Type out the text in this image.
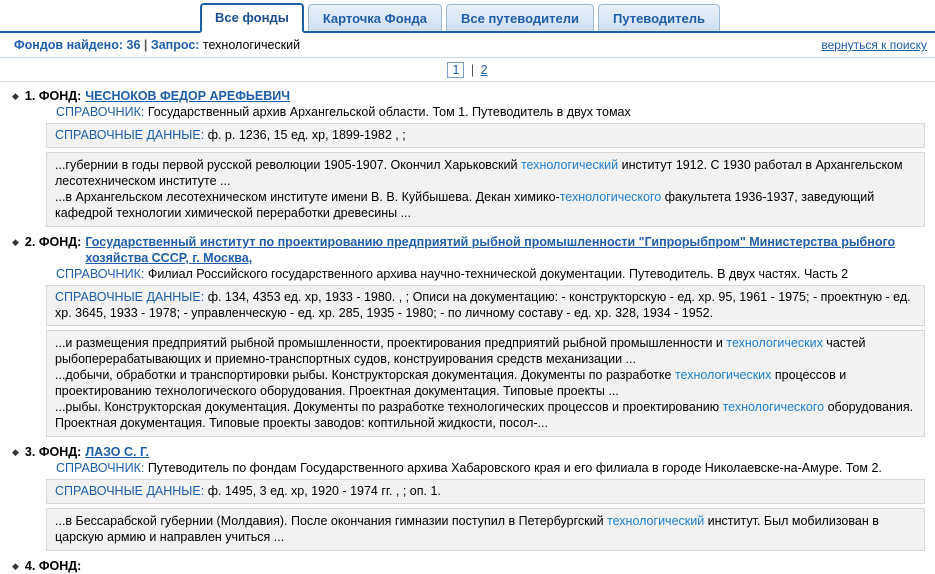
Все фонды	Карточка Фонда	Все путеводители	Путеводитель
Фондов найдено: 36 | Запрос: технологический	вернуться к поиску
1 | 2
◆ 1. ФОНД: ЧЕСНОКОВ ФЕДОР АРЕФЬЕВИЧ
СПРАВОЧНИК: Государственный архив Архангельской области. Том 1. Путеводитель в двух томах
СПРАВОЧНЫЕ ДАННЫЕ: ф. р. 1236, 15 ед. хр, 1899-1982 , ;

...губернии в годы первой русской революции 1905-1907. Окончил Харьковский технологический институт 1912. С 1930 работал в Архангельском лесотехническом институте ...

...в Архангельском лесотехническом институте имени В. В. Куйбышева. Декан химико-технологического факультета 1936-1937, заведующий кафедрой технологии химической переработки древесины ...

◆ 2. ФОНД: Государственный институт по проектированию предприятий рыбной промышленности "Гипрорыбпром" Министерства рыбного хозяйства СССР, г. Москва,
СПРАВОЧНИК: Филиал Российского государственного архива научно-технической документации. Путеводитель. В двух частях. Часть 2
СПРАВОЧНЫЕ ДАННЫЕ: ф. 134, 4353 ед. хр, 1933 - 1980. , ; Описи на документацию: - конструкторскую - ед. хр. 95, 1961 - 1975; - проектную - ед. хр. 3645, 1933 - 1978; - управленческую - ед. хр. 285, 1935 - 1980; - по личному составу - ед. хр. 328, 1934 - 1952.

...и размещения предприятий рыбной промышленности, проектирования предприятий рыбной промышленности и технологических частей рыбоперерабатывающих и приемно-транспортных судов, конструирования средств механизации ...

...добычи, обработки и транспортировки рыбы. Конструкторская документация. Документы по разработке технологических процессов и проектированию технологического оборудования. Проектная документация. Типовые проекты ...

...рыбы. Конструкторская документация. Документы по разработке технологических процессов и проектированию технологического оборудования. Проектная документация. Типовые проекты заводов: коптильной жидкости, посол-...

◆ 3. ФОНД: ЛАЗО С. Г.
СПРАВОЧНИК: Путеводитель по фондам Государственного архива Хабаровского края и его филиала в городе Николаевске-на-Амуре. Том 2.
СПРАВОЧНЫЕ ДАННЫЕ: ф. 1495, 3 ед. хр, 1920 - 1974 гг. , ; оп. 1.

...в Бессарабской губернии (Молдавия). После окончания гимназии поступил в Петербургский технологический институт. Был мобилизован в царскую армию и направлен учиться ...

◆ 4. ФОНД:
